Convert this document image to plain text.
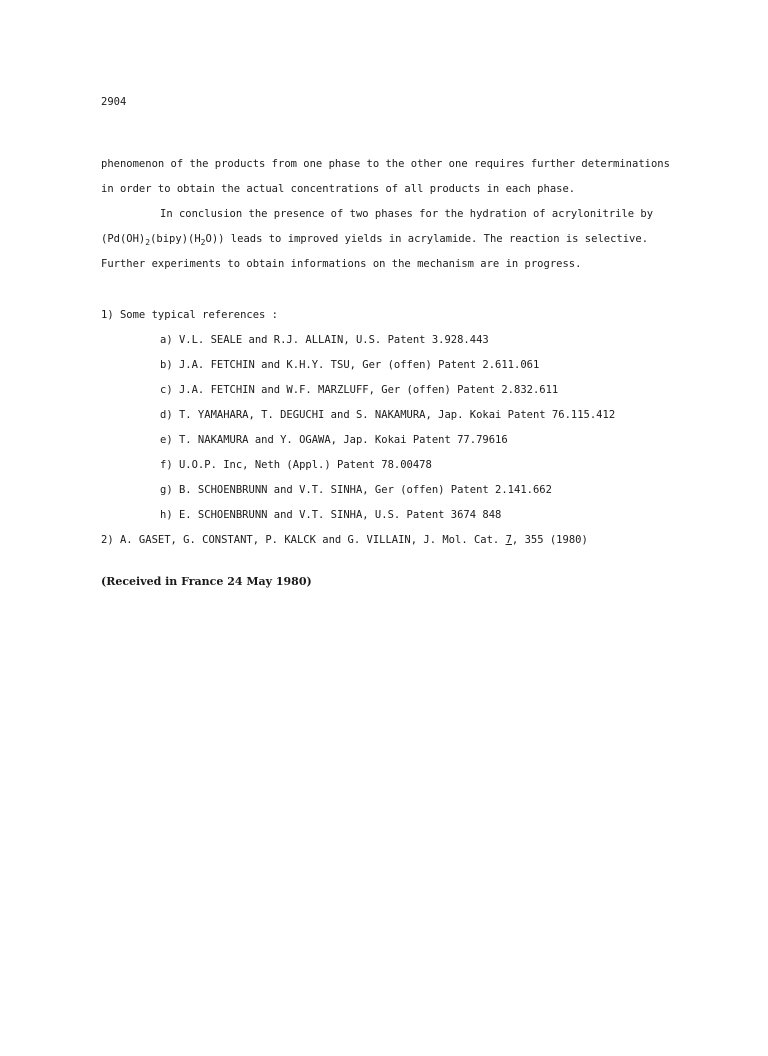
2904
phenomenon of the products from one phase to the other one requires further determinations
in order to obtain the actual concentrations of all products in each phase.
In conclusion the presence of two phases for the hydration of acrylonitrile by
$(Pd(OH)_2(bipy)(H_2O))$ leads to improved yields in acrylamide. The reaction is selective.
Further experiments to obtain informations on the mechanism are in progress.
1) Some typical references :
a) V.L. SEALE and R.J. ALLAIN, U.S. Patent 3.928.443
b) J.A. FETCHIN and K.H.Y. TSU, Ger (offen) Patent 2.611.061
c) J.A. FETCHIN and W.F. MARZLUFF, Ger (offen) Patent 2.832.611
d) T. YAMAHARA, T. DEGUCHI and S. NAKAMURA, Jap. Kokai Patent 76.115.412
e) T. NAKAMURA and Y. OGAWA, Jap. Kokai Patent 77.79616
f) U.O.P. Inc, Neth (Appl.) Patent 78.00478
g) B. SCHOENBRUNN and V.T. SINHA, Ger (offen) Patent 2.141.662
h) E. SCHOENBRUNN and V.T. SINHA, U.S. Patent 3674 848
2) A. GASET, G. CONSTANT, P. KALCK and G. VILLAIN, J. Mol. Cat. 7, 355 (1980)
(Received in France 24 May 1980)
